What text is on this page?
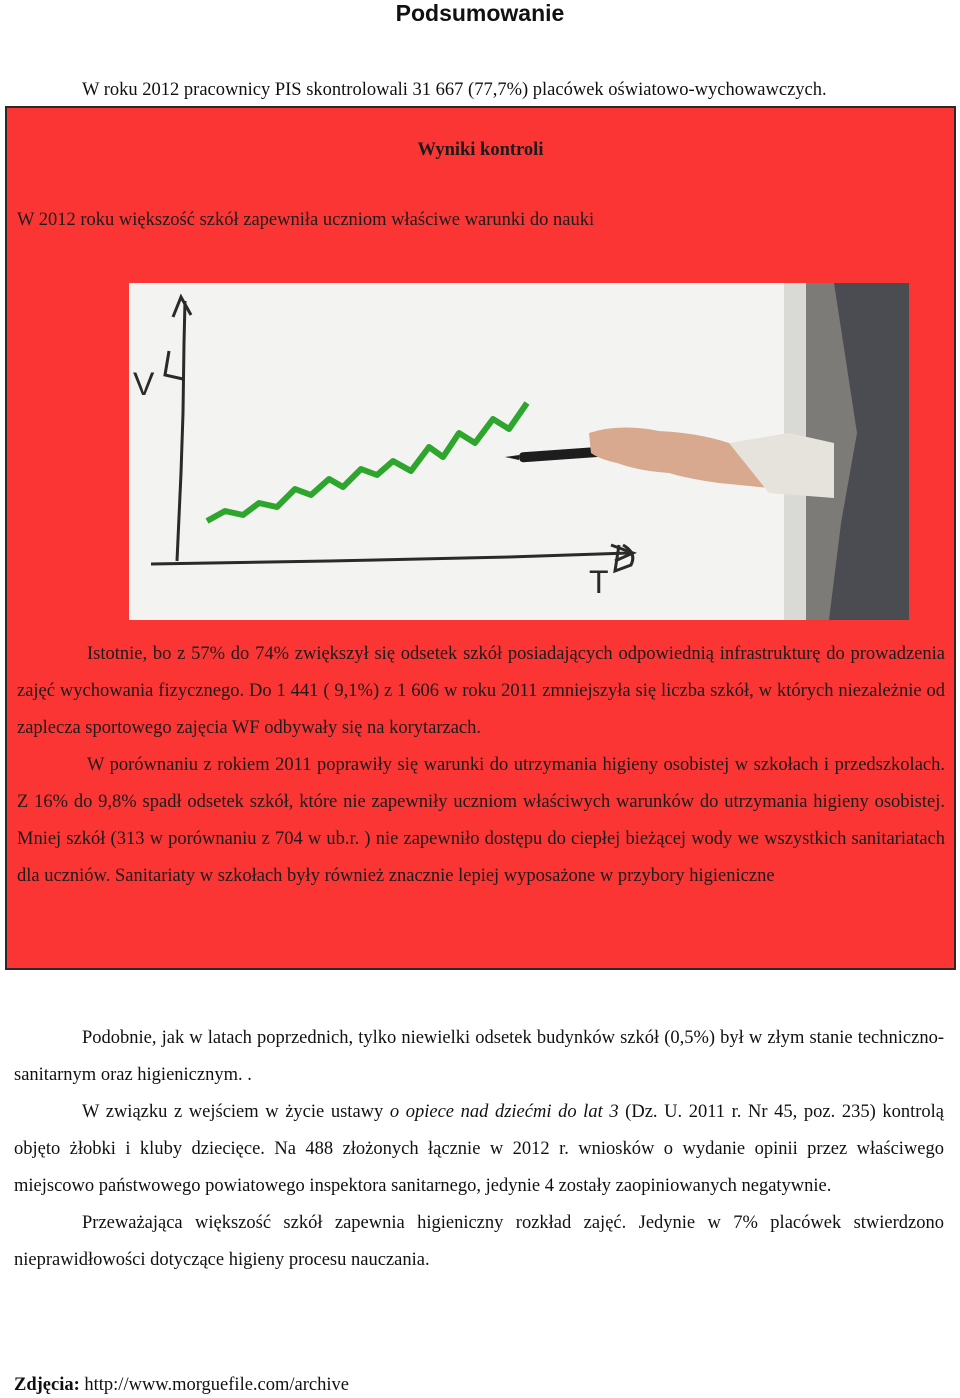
Podsumowanie
W roku 2012 pracownicy PIS skontrolowali 31 667 (77,7%) placówek oświatowo-wychowawczych.
Wyniki kontroli
W 2012 roku większość szkół zapewniła uczniom właściwe warunki do nauki
V
T

Istotnie, bo z 57% do 74% zwiększył się odsetek szkół posiadających odpowiednią infrastrukturę do prowadzenia zajęć wychowania fizycznego. Do 1 441 ( 9,1%) z 1 606 w roku 2011 zmniejszyła się liczba szkół, w których niezależnie od zaplecza sportowego zajęcia WF odbywały się na korytarzach.

W porównaniu z rokiem 2011 poprawiły się warunki do utrzymania higieny osobistej w szkołach i przedszkolach. Z 16% do 9,8% spadł odsetek szkół, które nie zapewniły uczniom właściwych warunków do utrzymania higieny osobistej. Mniej szkół (313 w porównaniu z 704 w ub.r. ) nie zapewniło dostępu do ciepłej bieżącej wody we wszystkich sanitariatach dla uczniów. Sanitariaty w szkołach były również znacznie lepiej wyposażone w przybory higieniczne

Podobnie, jak w latach poprzednich, tylko niewielki odsetek budynków szkół (0,5%) był w złym stanie techniczno-sanitarnym oraz higienicznym. .

W związku z wejściem w życie ustawy o opiece nad dziećmi do lat 3 (Dz. U. 2011 r. Nr 45, poz. 235) kontrolą objęto żłobki i kluby dziecięce. Na 488 złożonych łącznie w 2012 r. wniosków o wydanie opinii przez właściwego miejscowo państwowego powiatowego inspektora sanitarnego, jedynie 4 zostały zaopiniowanych negatywnie.

Przeważająca większość szkół zapewnia higieniczny rozkład zajęć. Jedynie w 7% placówek stwierdzono nieprawidłowości dotyczące higieny procesu nauczania.

Zdjęcia: http://www.morguefile.com/archive
